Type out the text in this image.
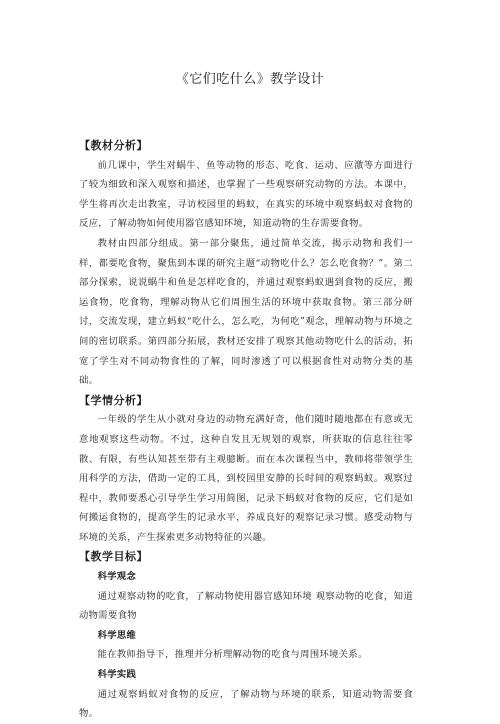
《它们吃什么》教学设计
【教材分析】

前几课中，学生对蜗牛、鱼等动物的形态、吃食、运动、应激等方面进行了较为细致和深入观察和描述，也掌握了一些观察研究动物的方法。本课中，学生将再次走出教室，寻访校园里的蚂蚁，在真实的环境中观察蚂蚁对食物的反应，了解动物如何使用器官感知环境，知道动物的生存需要食物。

教材由四部分组成。第一部分聚焦，通过简单交流，揭示动物和我们一样，都要吃食物，聚焦到本课的研究主题“动物吃什么？怎么吃食物？”。第二部分探索，说说蜗牛和鱼是怎样吃食的，并通过观察蚂蚁遇到食物的反应，搬运食物，吃食物，理解动物从它们周围生活的环境中获取食物。第三部分研讨，交流发现，建立蚂蚁“吃什么，怎么吃，为何吃”观念，理解动物与环境之间的密切联系。第四部分拓展，教材还安排了观察其他动物吃什么的活动，拓宽了学生对不同动物食性的了解，同时渗透了可以根据食性对动物分类的基础。

【学情分析】

一年级的学生从小就对身边的动物充满好奇，他们随时随地都在有意或无意地观察这些动物。不过，这种自发且无规划的观察，所获取的信息往往零散、有限，有些认知甚至带有主观臆断。而在本次课程当中，教师将带领学生用科学的方法，借助一定的工具，到校园里安静的长时间的观察蚂蚁。观察过程中，教师要悉心引导学生学习用简图，记录下蚂蚁对食物的反应，它们是如何搬运食物的，提高学生的记录水平，养成良好的观察记录习惯。感受动物与环境的关系，产生探索更多动物特征的兴趣。

【教学目标】
科学观念

通过观察动物的吃食，了解动物使用器官感知环境 观察动物的吃食，知道动物需要食物

科学思维

能在教师指导下，推理并分析理解动物的吃食与周围环境关系。

科学实践

通过观察蚂蚁对食物的反应，了解动物与环境的联系，知道动物需要食物。
